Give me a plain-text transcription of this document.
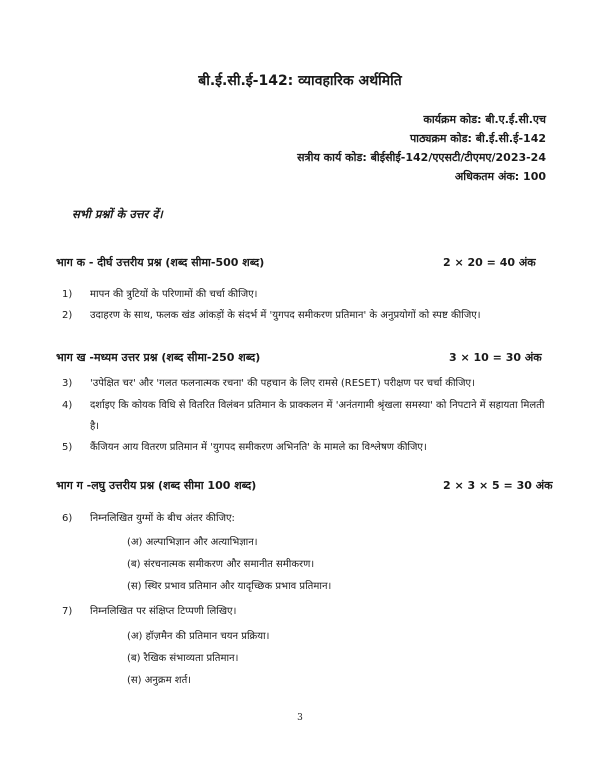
बी.ई.सी.ई-142: व्यावहारिक अर्थमिति
कार्यक्रम कोड: बी.ए.ई.सी.एच
पाठ्यक्रम कोड: बी.ई.सी.ई-142
सत्रीय कार्य कोड: बीईसीई-142/एएसटी/टीएमए/2023-24
अधिकतम अंक: 100
सभी प्रश्नों के उत्तर दें।
भाग क - दीर्घ उत्तरीय प्रश्न (शब्द सीमा-500 शब्द)	2 × 20 = 40 अंक
1) मापन की त्रुटियों के परिणामों की चर्चा कीजिए।
2) उदाहरण के साथ, फलक खंड आंकड़ों के संदर्भ में 'युगपद समीकरण प्रतिमान' के अनुप्रयोगों को स्पष्ट कीजिए।
भाग ख -मध्यम उत्तर प्रश्न (शब्द सीमा-250 शब्द)	3 × 10 = 30 अंक
3) 'उपेक्षित चर' और 'गलत फलनात्मक रचना' की पहचान के लिए रामसे (RESET) परीक्षण पर चर्चा कीजिए।
4) दर्शाइए कि कोयक विधि से वितरित विलंबन प्रतिमान के प्राक्कलन में 'अनंतगामी श्रृंखला समस्या' को निपटाने में सहायता मिलती है।
5) कैंजियन आय वितरण प्रतिमान में 'युगपद समीकरण अभिनति' के मामले का विश्लेषण कीजिए।
भाग ग -लघु उत्तरीय प्रश्न (शब्द सीमा 100 शब्द)	2 × 3 × 5 = 30 अंक
6) निम्नलिखित युग्मों के बीच अंतर कीजिए:
(अ) अल्पाभिज्ञान और अत्याभिज्ञान।
(ब) संरचनात्मक समीकरण और समानीत समीकरण।
(स) स्थिर प्रभाव प्रतिमान और यादृच्छिक प्रभाव प्रतिमान।
7) निम्नलिखित पर संक्षिप्त टिप्पणी लिखिए।
(अ) हॉज़मैन की प्रतिमान चयन प्रक्रिया।
(ब) रैखिक संभाव्यता प्रतिमान।
(स) अनुक्रम शर्त।
3
